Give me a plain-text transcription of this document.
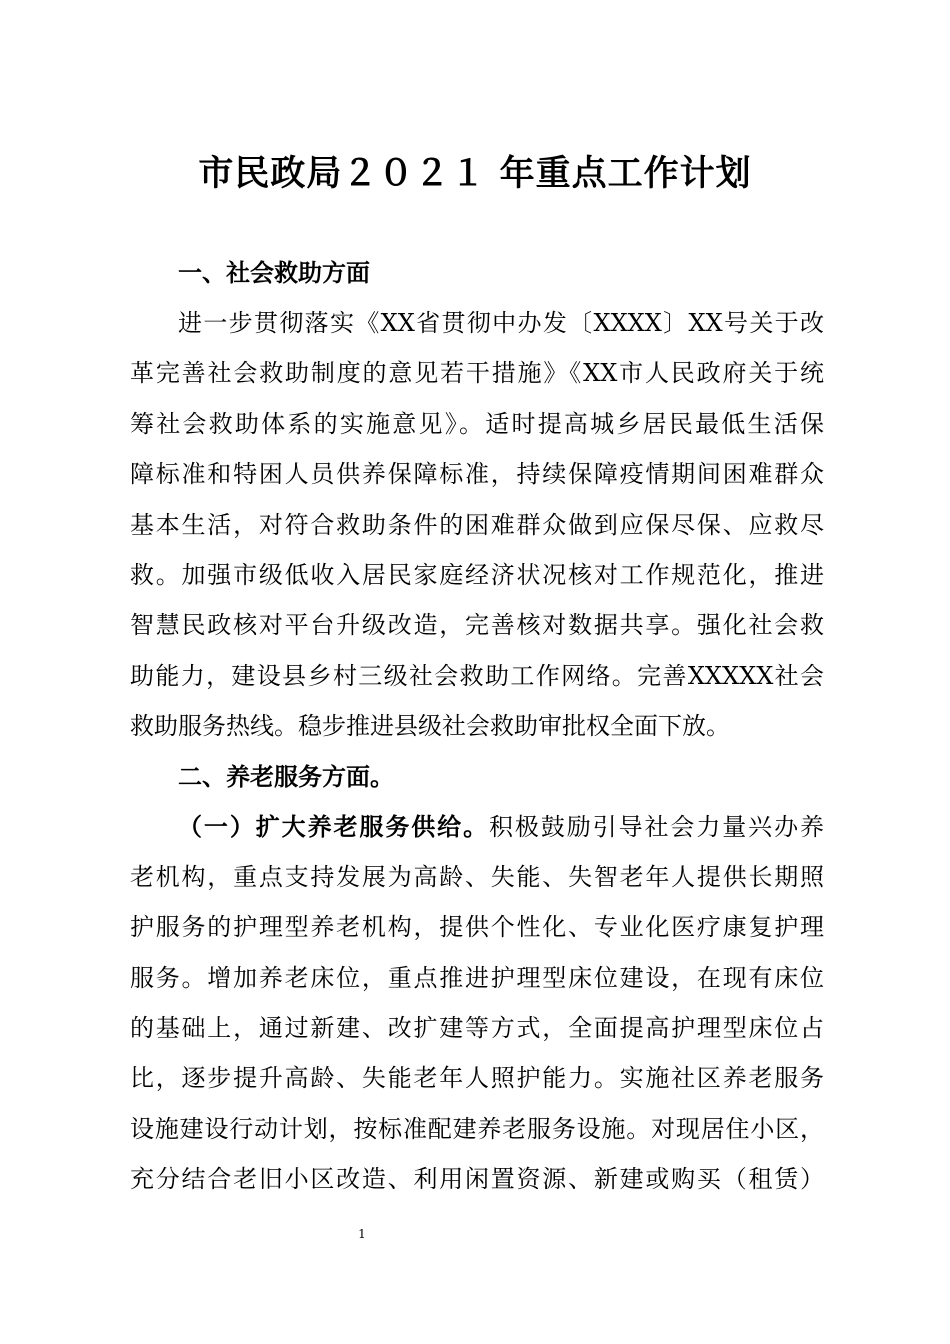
市民政局２０２１ 年重点工作计划
一、社会救助方面
进一步贯彻落实《XX省贯彻中办发〔XXXX〕XX号关于改
革完善社会救助制度的意见若干措施》《XX市人民政府关于统
筹社会救助体系的实施意见》。适时提高城乡居民最低生活保
障标准和特困人员供养保障标准，持续保障疫情期间困难群众
基本生活，对符合救助条件的困难群众做到应保尽保、应救尽
救。加强市级低收入居民家庭经济状况核对工作规范化，推进
智慧民政核对平台升级改造，完善核对数据共享。强化社会救
助能力，建设县乡村三级社会救助工作网络。完善XXXXX社会
救助服务热线。稳步推进县级社会救助审批权全面下放。
二、养老服务方面。
（一）扩大养老服务供给。积极鼓励引导社会力量兴办养
老机构，重点支持发展为高龄、失能、失智老年人提供长期照
护服务的护理型养老机构，提供个性化、专业化医疗康复护理
服务。增加养老床位，重点推进护理型床位建设，在现有床位
的基础上，通过新建、改扩建等方式，全面提高护理型床位占
比，逐步提升高龄、失能老年人照护能力。实施社区养老服务
设施建设行动计划，按标准配建养老服务设施。对现居住小区，
充分结合老旧小区改造、利用闲置资源、新建或购买（租赁）
1
